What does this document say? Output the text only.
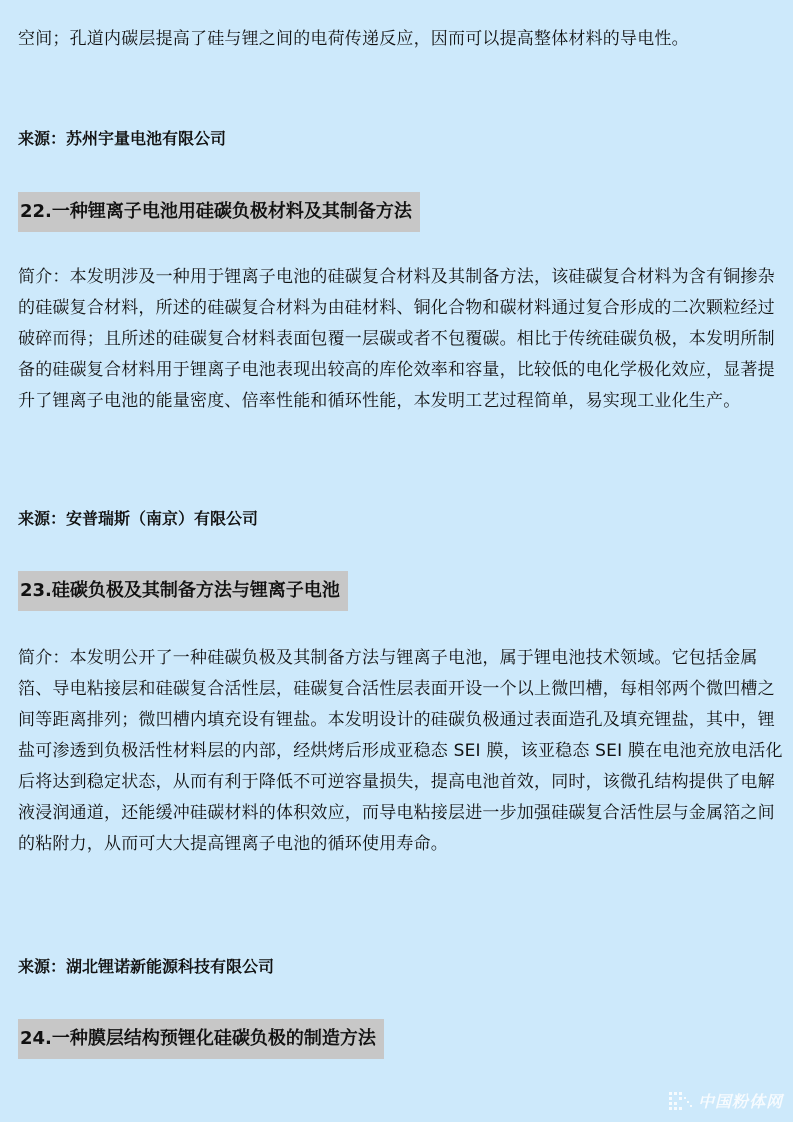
空间；孔道内碳层提高了硅与锂之间的电荷传递反应，因而可以提高整体材料的导电性。

来源：苏州宇量电池有限公司

22.一种锂离子电池用硅碳负极材料及其制备方法

简介：本发明涉及一种用于锂离子电池的硅碳复合材料及其制备方法，该硅碳复合材料为含有铜掺杂的硅碳复合材料，所述的硅碳复合材料为由硅材料、铜化合物和碳材料通过复合形成的二次颗粒经过破碎而得；且所述的硅碳复合材料表面包覆一层碳或者不包覆碳。相比于传统硅碳负极，本发明所制备的硅碳复合材料用于锂离子电池表现出较高的库伦效率和容量，比较低的电化学极化效应，显著提升了锂离子电池的能量密度、倍率性能和循环性能，本发明工艺过程简单，易实现工业化生产。

来源：安普瑞斯（南京）有限公司

23.硅碳负极及其制备方法与锂离子电池

简介：本发明公开了一种硅碳负极及其制备方法与锂离子电池，属于锂电池技术领域。它包括金属箔、导电粘接层和硅碳复合活性层，硅碳复合活性层表面开设一个以上微凹槽，每相邻两个微凹槽之间等距离排列；微凹槽内填充设有锂盐。本发明设计的硅碳负极通过表面造孔及填充锂盐，其中，锂盐可渗透到负极活性材料层的内部，经烘烤后形成亚稳态 SEI 膜，该亚稳态 SEI 膜在电池充放电活化后将达到稳定状态，从而有利于降低不可逆容量损失，提高电池首效，同时，该微孔结构提供了电解液浸润通道，还能缓冲硅碳材料的体积效应，而导电粘接层进一步加强硅碳复合活性层与金属箔之间的粘附力，从而可大大提高锂离子电池的循环使用寿命。

来源：湖北锂诺新能源科技有限公司

24.一种膜层结构预锂化硅碳负极的制造方法
中国粉体网
